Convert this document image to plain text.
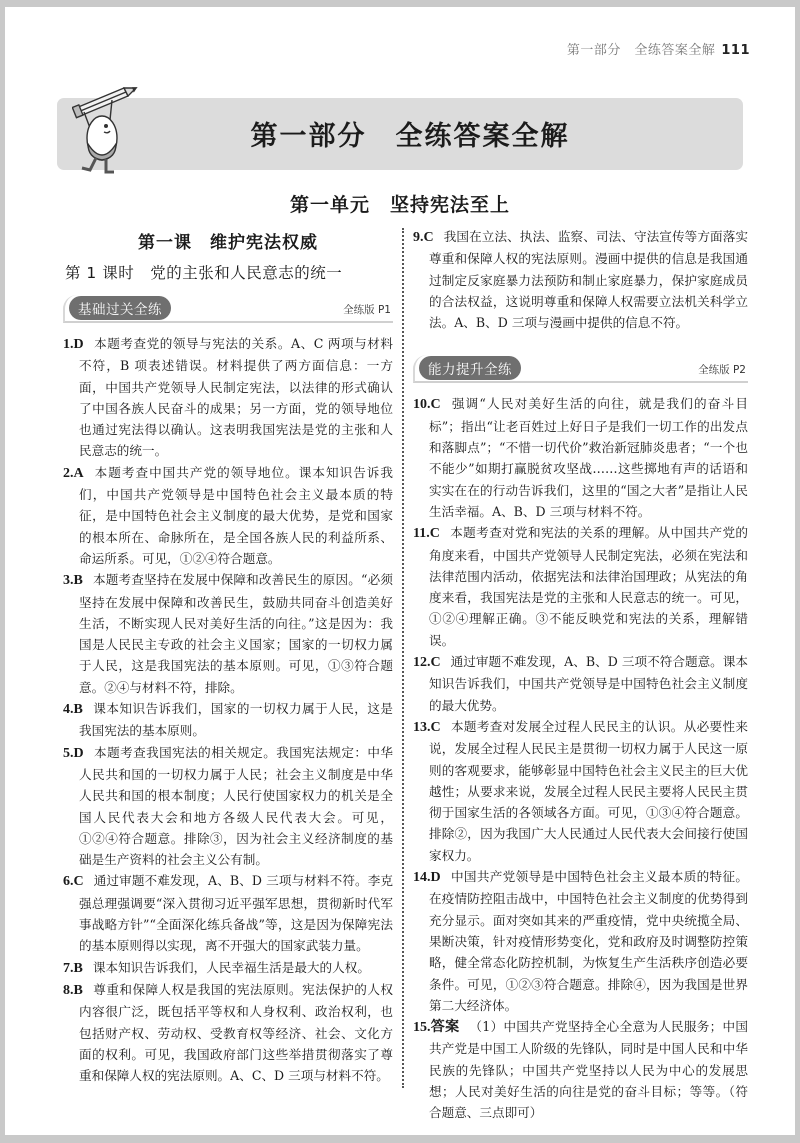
第一部分　全练答案全解 111
第一部分　全练答案全解
第一单元　坚持宪法至上
第一课　维护宪法权威
第 1 课时　党的主张和人民意志的统一
基础过关全练	全练版 P1

1.D 本题考查党的领导与宪法的关系。A、C 两项与材料不符，B 项表述错误。材料提供了两方面信息：一方面，中国共产党领导人民制定宪法，以法律的形式确认了中国各族人民奋斗的成果；另一方面，党的领导地位也通过宪法得以确认。这表明我国宪法是党的主张和人民意志的统一。

2.A 本题考查中国共产党的领导地位。课本知识告诉我们，中国共产党领导是中国特色社会主义最本质的特征，是中国特色社会主义制度的最大优势，是党和国家的根本所在、命脉所在，是全国各族人民的利益所系、命运所系。可见，①②④符合题意。

3.B 本题考查坚持在发展中保障和改善民生的原因。“必须坚持在发展中保障和改善民生，鼓励共同奋斗创造美好生活，不断实现人民对美好生活的向往。”这是因为：我国是人民民主专政的社会主义国家；国家的一切权力属于人民，这是我国宪法的基本原则。可见，①③符合题意。②④与材料不符，排除。

4.B 课本知识告诉我们，国家的一切权力属于人民，这是我国宪法的基本原则。

5.D 本题考查我国宪法的相关规定。我国宪法规定：中华人民共和国的一切权力属于人民；社会主义制度是中华人民共和国的根本制度；人民行使国家权力的机关是全国人民代表大会和地方各级人民代表大会。可见，①②④符合题意。排除③，因为社会主义经济制度的基础是生产资料的社会主义公有制。

6.C 通过审题不难发现，A、B、D 三项与材料不符。李克强总理强调要“深入贯彻习近平强军思想，贯彻新时代军事战略方针”“全面深化练兵备战”等，这是因为保障宪法的基本原则得以实现，离不开强大的国家武装力量。

7.B 课本知识告诉我们，人民幸福生活是最大的人权。

8.B 尊重和保障人权是我国的宪法原则。宪法保护的人权内容很广泛，既包括平等权和人身权利、政治权利，也包括财产权、劳动权、受教育权等经济、社会、文化方面的权利。可见，我国政府部门这些举措贯彻落实了尊重和保障人权的宪法原则。A、C、D 三项与材料不符。

9.C 我国在立法、执法、监察、司法、守法宣传等方面落实尊重和保障人权的宪法原则。漫画中提供的信息是我国通过制定反家庭暴力法预防和制止家庭暴力，保护家庭成员的合法权益，这说明尊重和保障人权需要立法机关科学立法。A、B、D 三项与漫画中提供的信息不符。

能力提升全练	全练版 P2

10.C 强调“人民对美好生活的向往，就是我们的奋斗目标”；指出“让老百姓过上好日子是我们一切工作的出发点和落脚点”；“不惜一切代价”救治新冠肺炎患者；“一个也不能少”如期打赢脱贫攻坚战……这些掷地有声的话语和实实在在的行动告诉我们，这里的“国之大者”是指让人民生活幸福。A、B、D 三项与材料不符。

11.C 本题考查对党和宪法的关系的理解。从中国共产党的角度来看，中国共产党领导人民制定宪法，必须在宪法和法律范围内活动，依据宪法和法律治国理政；从宪法的角度来看，我国宪法是党的主张和人民意志的统一。可见，①②④理解正确。③不能反映党和宪法的关系，理解错误。

12.C 通过审题不难发现，A、B、D 三项不符合题意。课本知识告诉我们，中国共产党领导是中国特色社会主义制度的最大优势。

13.C 本题考查对发展全过程人民民主的认识。从必要性来说，发展全过程人民民主是贯彻一切权力属于人民这一原则的客观要求，能够彰显中国特色社会主义民主的巨大优越性；从要求来说，发展全过程人民民主要将人民民主贯彻于国家生活的各领域各方面。可见，①③④符合题意。排除②，因为我国广大人民通过人民代表大会间接行使国家权力。

14.D 中国共产党领导是中国特色社会主义最本质的特征。在疫情防控阻击战中，中国特色社会主义制度的优势得到充分显示。面对突如其来的严重疫情，党中央统揽全局、果断决策，针对疫情形势变化，党和政府及时调整防控策略，健全常态化防控机制，为恢复生产生活秩序创造必要条件。可见，①②③符合题意。排除④，因为我国是世界第二大经济体。

15.答案 （1）中国共产党坚持全心全意为人民服务；中国共产党是中国工人阶级的先锋队，同时是中国人民和中华民族的先锋队；中国共产党坚持以人民为中心的发展思想；人民对美好生活的向往是党的奋斗目标；等等。（符合题意、三点即可）
